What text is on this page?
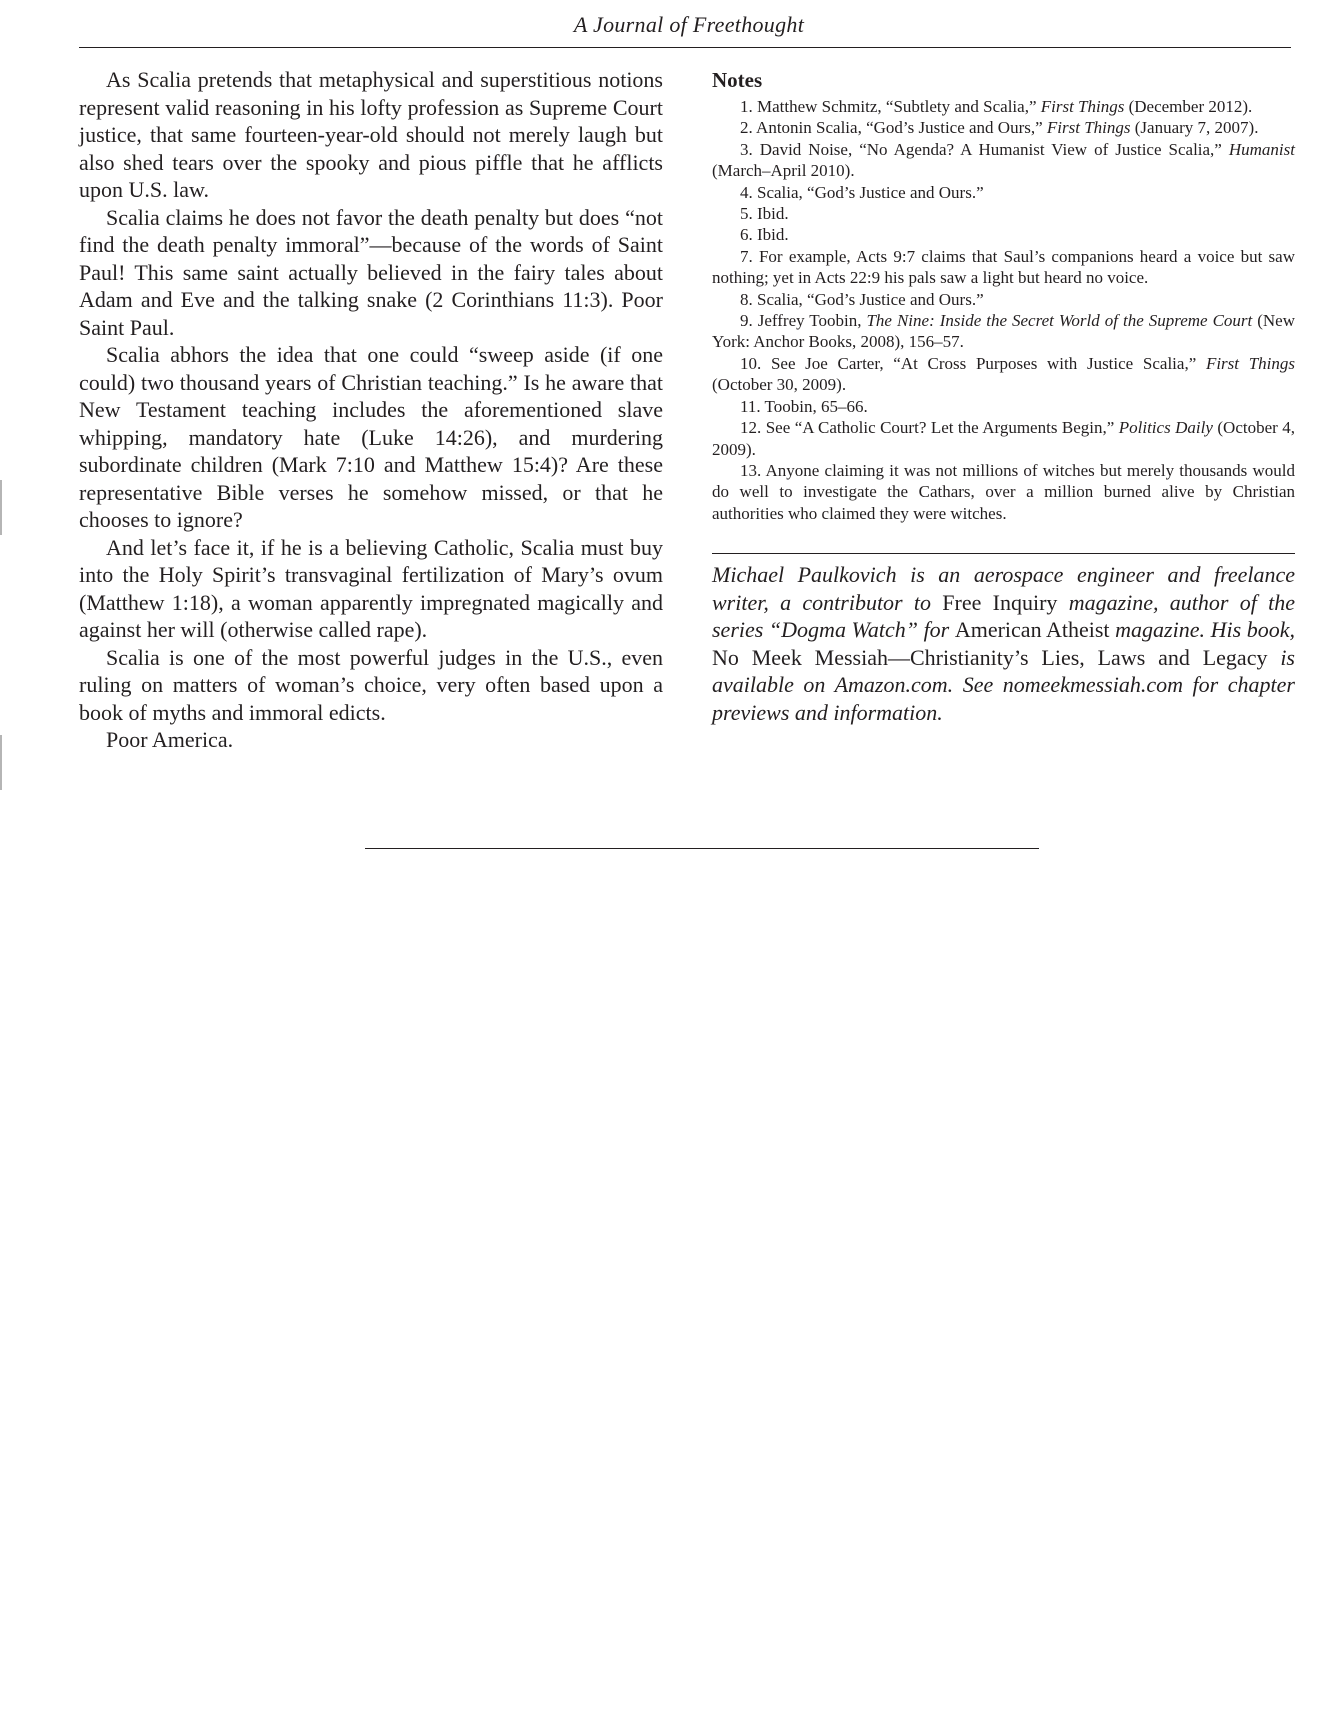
A Journal of Freethought

As Scalia pretends that metaphysical and superstitious notions represent valid reasoning in his lofty profession as Supreme Court justice, that same fourteen-year-old should not merely laugh but also shed tears over the spooky and pious piffle that he afflicts upon U.S. law.

Scalia claims he does not favor the death penalty but does “not find the death penalty immoral”—because of the words of Saint Paul! This same saint actually believed in the fairy tales about Adam and Eve and the talking snake (2 Corinthians 11:3). Poor Saint Paul.

Scalia abhors the idea that one could “sweep aside (if one could) two thousand years of Christian teaching.” Is he aware that New Testament teaching includes the aforementioned slave whipping, mandatory hate (Luke 14:26), and murdering subordinate children (Mark 7:10 and Matthew 15:4)? Are these representative Bible verses he somehow missed, or that he chooses to ignore?

And let’s face it, if he is a believing Catholic, Scalia must buy into the Holy Spirit’s transvaginal fertilization of Mary’s ovum (Matthew 1:18), a woman apparently impregnated magically and against her will (otherwise called rape).

Scalia is one of the most powerful judges in the U.S., even ruling on matters of woman’s choice, very often based upon a book of myths and immoral edicts.

Poor America.

Notes

1. Matthew Schmitz, “Subtlety and Scalia,” First Things (December 2012).

2. Antonin Scalia, “God’s Justice and Ours,” First Things (January 7, 2007).

3. David Noise, “No Agenda? A Humanist View of Justice Scalia,” Humanist (March–April 2010).

4. Scalia, “God’s Justice and Ours.”

5. Ibid.

6. Ibid.

7. For example, Acts 9:7 claims that Saul’s companions heard a voice but saw nothing; yet in Acts 22:9 his pals saw a light but heard no voice.

8. Scalia, “God’s Justice and Ours.”

9. Jeffrey Toobin, The Nine: Inside the Secret World of the Supreme Court (New York: Anchor Books, 2008), 156–57.

10. See Joe Carter, “At Cross Purposes with Justice Scalia,” First Things (October 30, 2009).

11. Toobin, 65–66.

12. See “A Catholic Court? Let the Arguments Begin,” Politics Daily (October 4, 2009).

13. Anyone claiming it was not millions of witches but merely thousands would do well to investigate the Cathars, over a million burned alive by Christian authorities who claimed they were witches.

Michael Paulkovich is an aerospace engineer and freelance writer, a contributor to Free Inquiry magazine, author of the series “Dogma Watch” for American Atheist magazine. His book, No Meek Messiah—Christianity’s Lies, Laws and Legacy is available on Amazon.com. See nomeekmessiah.com for chapter previews and information.
